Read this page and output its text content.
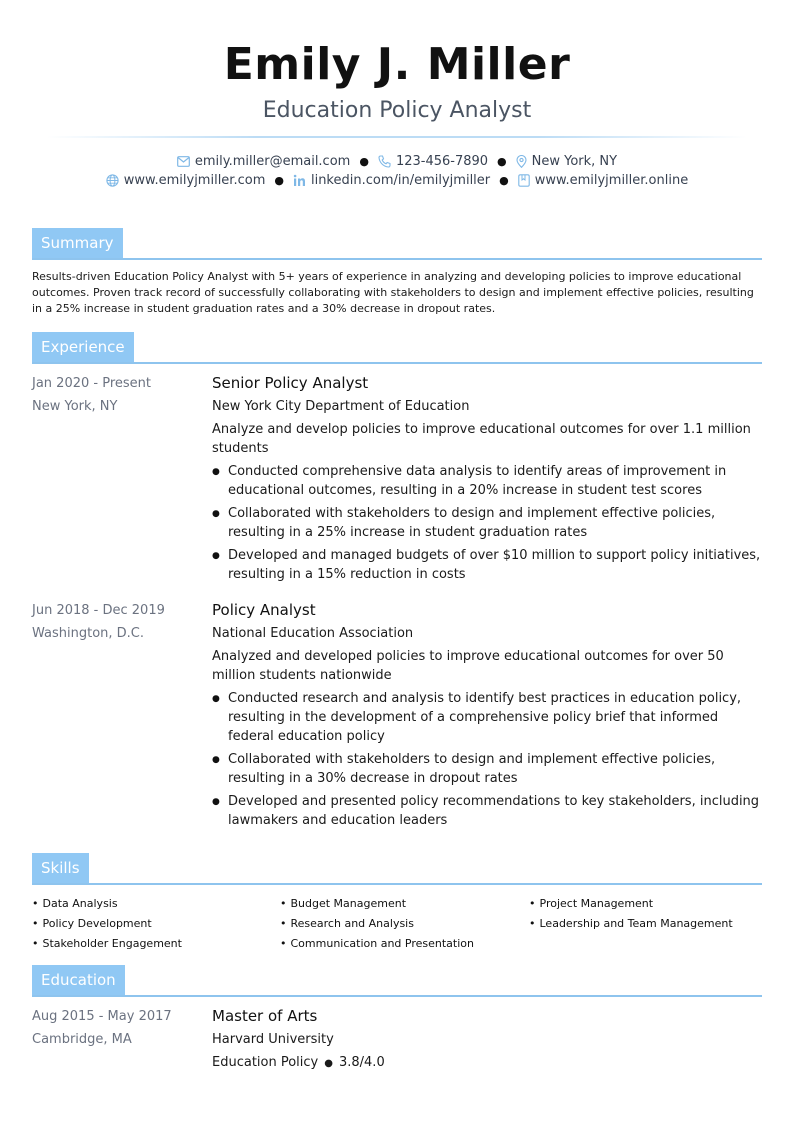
Emily J. Miller
Education Policy Analyst
emily.miller@email.com ● 123-456-7890 ● New York, NY
www.emilyjmiller.com ● linkedin.com/in/emilyjmiller ● www.emilyjmiller.online
Summary

Results-driven Education Policy Analyst with 5+ years of experience in analyzing and developing policies to improve educational outcomes. Proven track record of successfully collaborating with stakeholders to design and implement effective policies, resulting in a 25% increase in student graduation rates and a 30% decrease in dropout rates.

Experience
Jan 2020 - Present
New York, NY
Senior Policy Analyst
New York City Department of Education
Analyze and develop policies to improve educational outcomes for over 1.1 million students
● Conducted comprehensive data analysis to identify areas of improvement in educational outcomes, resulting in a 20% increase in student test scores
● Collaborated with stakeholders to design and implement effective policies, resulting in a 25% increase in student graduation rates
● Developed and managed budgets of over $10 million to support policy initiatives, resulting in a 15% reduction in costs
Jun 2018 - Dec 2019
Washington, D.C.
Policy Analyst
National Education Association
Analyzed and developed policies to improve educational outcomes for over 50 million students nationwide
● Conducted research and analysis to identify best practices in education policy, resulting in the development of a comprehensive policy brief that informed federal education policy
● Collaborated with stakeholders to design and implement effective policies, resulting in a 30% decrease in dropout rates
● Developed and presented policy recommendations to key stakeholders, including lawmakers and education leaders
Skills
• Data Analysis	• Budget Management	• Project Management
• Policy Development	• Research and Analysis	• Leadership and Team Management
• Stakeholder Engagement	• Communication and Presentation
Education
Aug 2015 - May 2017
Cambridge, MA
Master of Arts
Harvard University
Education Policy ● 3.8/4.0
